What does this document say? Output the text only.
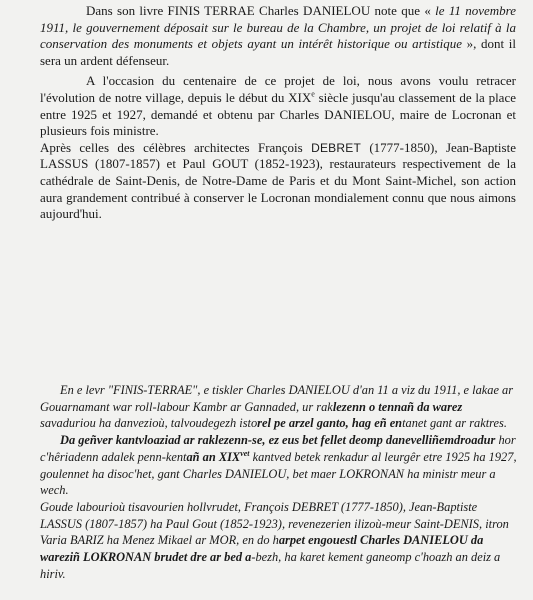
Dans son livre FINIS TERRAE Charles DANIELOU note que « le 11 novembre 1911, le gouvernement déposait sur le bureau de la Chambre, un projet de loi relatif à la conservation des monuments et objets ayant un intérêt historique ou artistique », dont il sera un ardent défenseur.

A l'occasion du centenaire de ce projet de loi, nous avons voulu retracer l'évolution de notre village, depuis le début du XIXe siècle jusqu'au classement de la place entre 1925 et 1927, demandé et obtenu par Charles DANIELOU, maire de Locronan et plusieurs fois ministre.

Après celles des célèbres architectes François DEBRET (1777-1850), Jean-Baptiste LASSUS (1807-1857) et Paul GOUT (1852-1923), restaurateurs respectivement de la cathédrale de Saint-Denis, de Notre-Dame de Paris et du Mont Saint-Michel, son action aura grandement contribué à conserver le Locronan mondialement connu que nous aimons aujourd'hui.

En e levr "FINIS-TERRAE", e tiskler Charles DANIELOU d'an 11 a viz du 1911, e lakae ar Gouarnamant war roll-labour Kambr ar Gannaded, ur raklezenn o tennañ da warez savaduriou ha danvezioù, talvoudegezh istorel pe arzel ganto, hag eñ entanet gant ar raktres.

Da geñver kantvloaziad ar raklezenn-se, ez eus bet fellet deomp danevelliñemdroadur hor c'hêriadenn adalek penn-kentañ an $XIX^{vet}$ kantved betek renkadur al leurgêr etre 1925 ha 1927, goulennet ha disoc'het, gant Charles DANIELOU, bet maer LOKRONAN ha ministr meur a wech.

Goude labourioù tisavourien hollvrudet, François DEBRET (1777-1850), Jean-Baptiste LASSUS (1807-1857) ha Paul Gout (1852-1923), revenezerien ilizoù-meur Saint-DENIS, itron Varia BARIZ ha Menez Mikael ar MOR, en do harpet engouestl Charles DANIELOU da wareziñ LOKRONAN brudet dre ar bed a-bezh, ha karet kement ganeomp c'hoazh an deiz a hiriv.
